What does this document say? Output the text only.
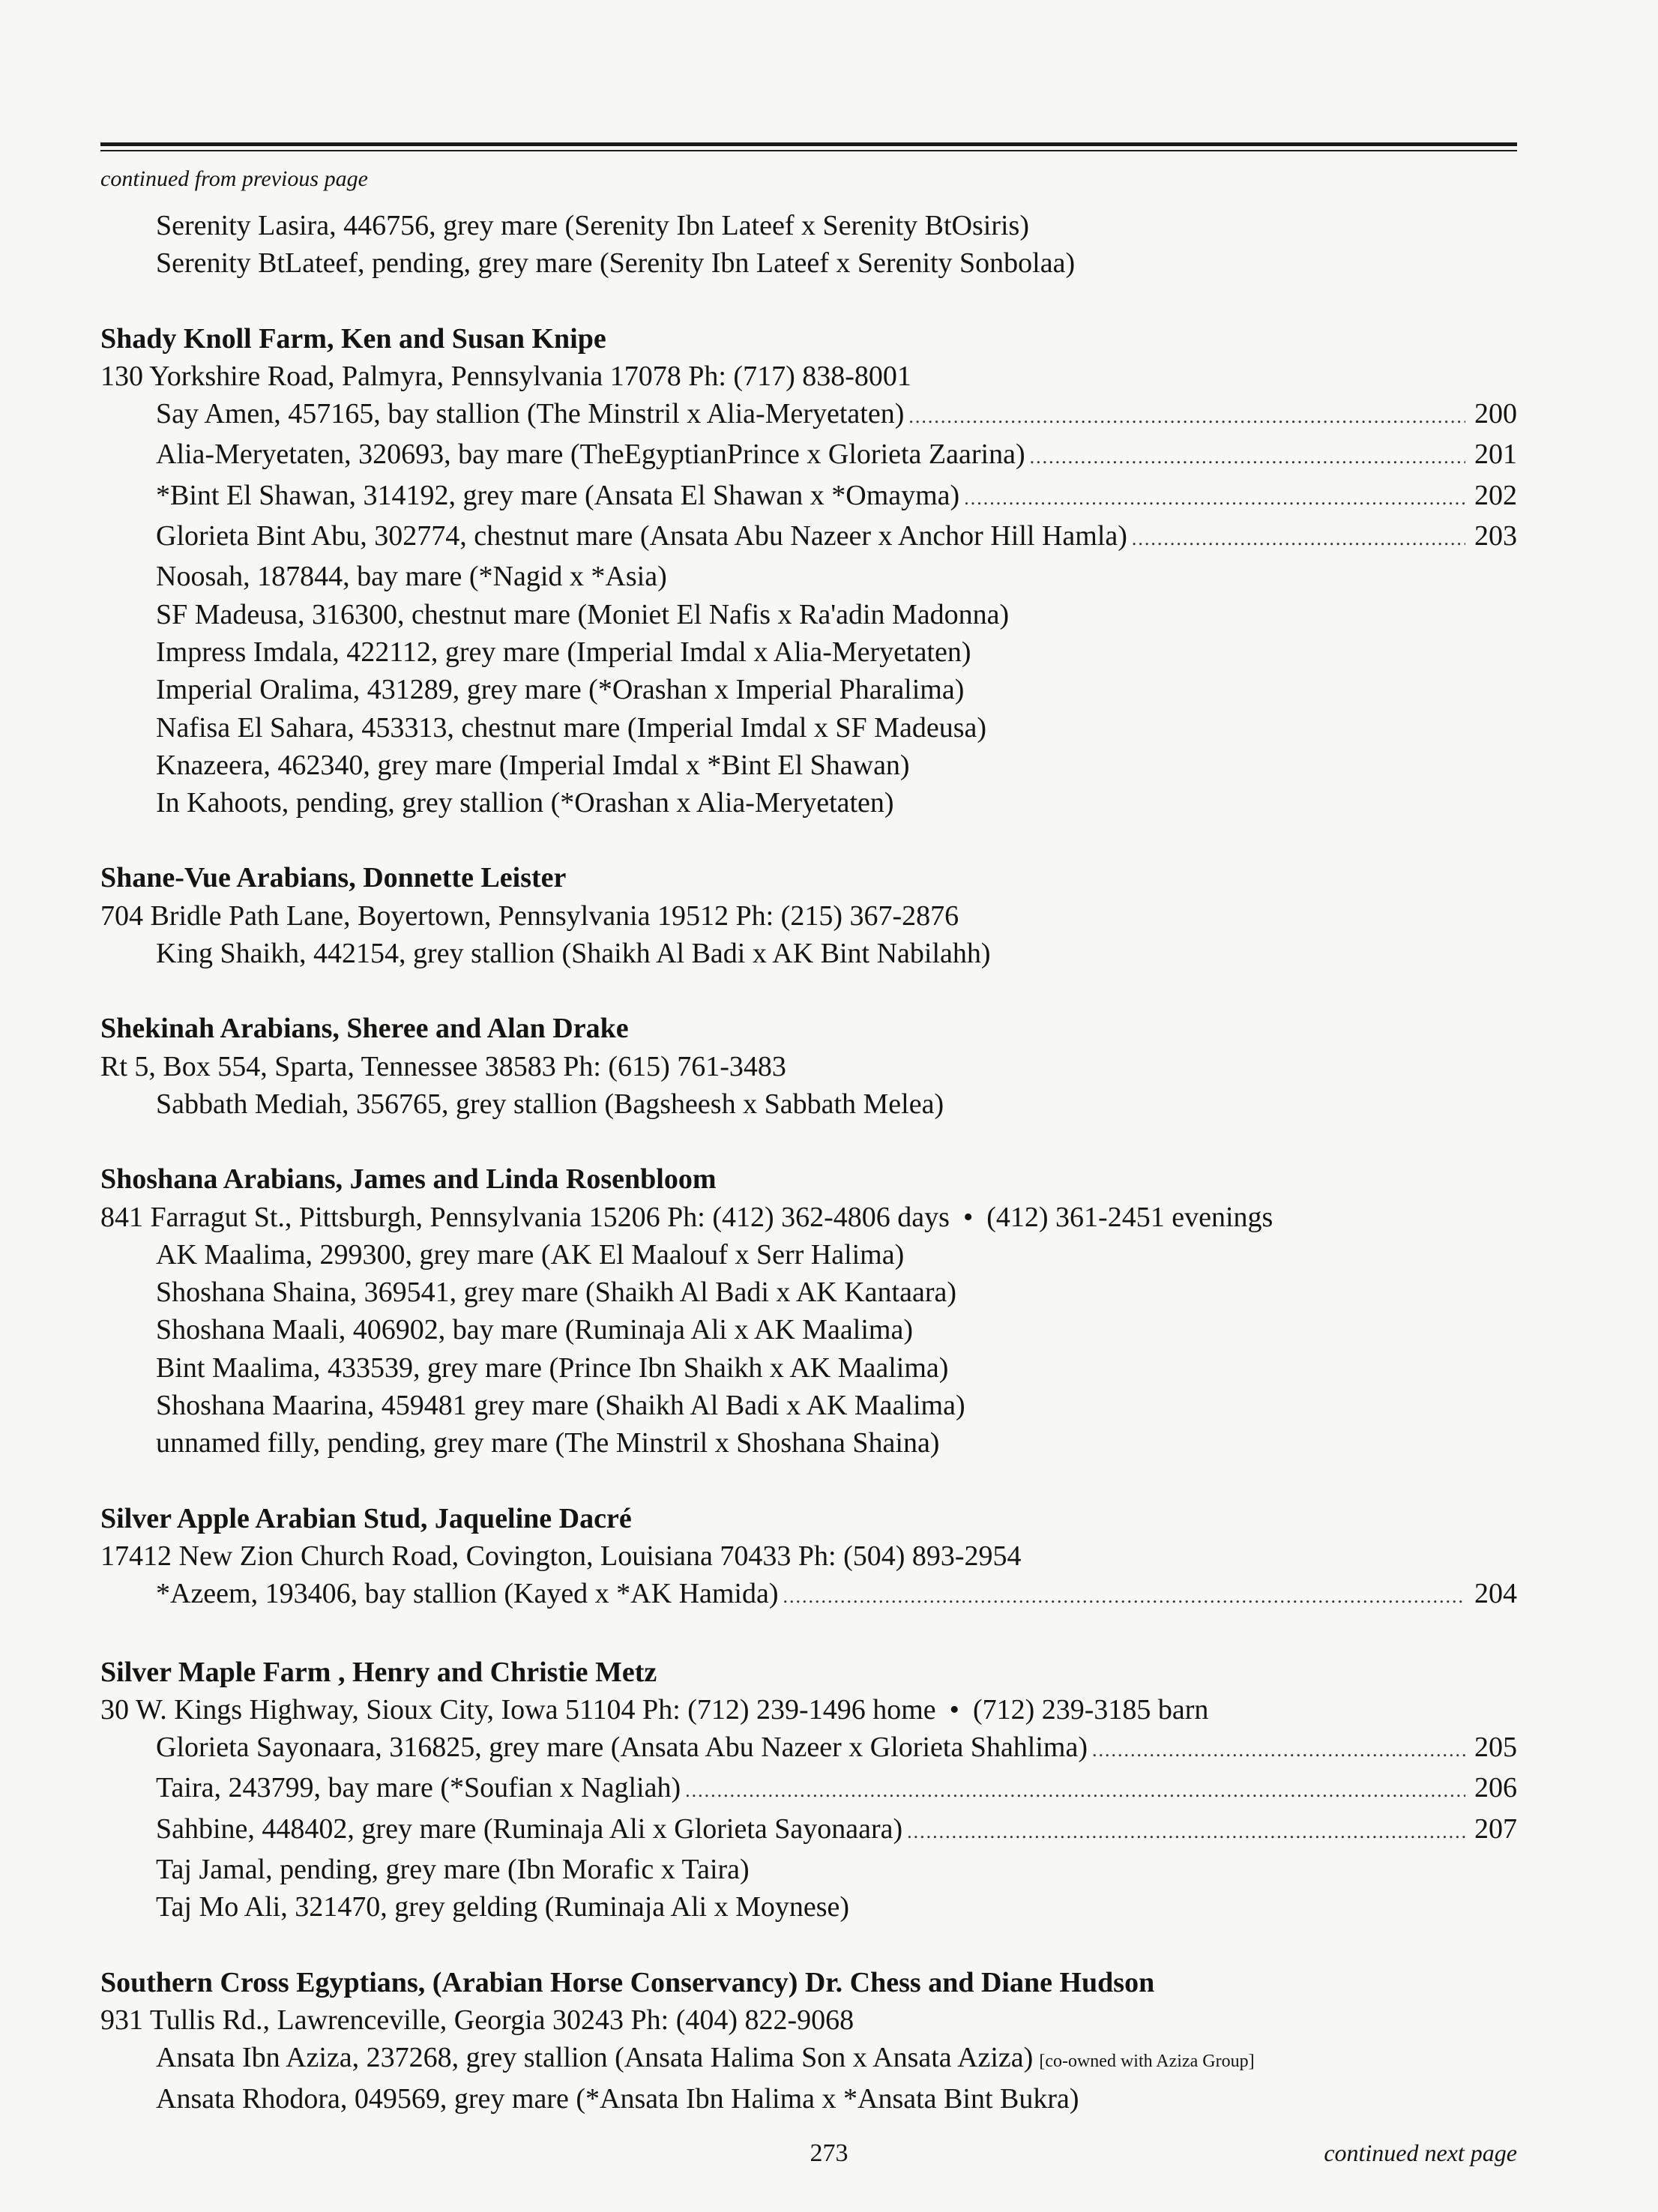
continued from previous page
Serenity Lasira, 446756, grey mare (Serenity Ibn Lateef x Serenity BtOsiris)
Serenity BtLateef, pending, grey mare (Serenity Ibn Lateef x Serenity Sonbolaa)
Shady Knoll Farm, Ken and Susan Knipe
130 Yorkshire Road, Palmyra, Pennsylvania 17078 Ph: (717) 838-8001
Say Amen, 457165, bay stallion (The Minstril x Alia-Meryetaten) .....	200
Alia-Meryetaten, 320693, bay mare (TheEgyptianPrince x Glorieta Zaarina) .....	201
*Bint El Shawan, 314192, grey mare (Ansata El Shawan x *Omayma) .....	202
Glorieta Bint Abu, 302774, chestnut mare (Ansata Abu Nazeer x Anchor Hill Hamla) .....	203
Noosah, 187844, bay mare (*Nagid x *Asia)
SF Madeusa, 316300, chestnut mare (Moniet El Nafis x Ra'adin Madonna)
Impress Imdala, 422112, grey mare (Imperial Imdal x Alia-Meryetaten)
Imperial Oralima, 431289, grey mare (*Orashan x Imperial Pharalima)
Nafisa El Sahara, 453313, chestnut mare (Imperial Imdal x SF Madeusa)
Knazeera, 462340, grey mare (Imperial Imdal x *Bint El Shawan)
In Kahoots, pending, grey stallion (*Orashan x Alia-Meryetaten)
Shane-Vue Arabians, Donnette Leister
704 Bridle Path Lane, Boyertown, Pennsylvania 19512 Ph: (215) 367-2876
King Shaikh, 442154, grey stallion (Shaikh Al Badi x AK Bint Nabilahh)
Shekinah Arabians, Sheree and Alan Drake
Rt 5, Box 554, Sparta, Tennessee 38583 Ph: (615) 761-3483
Sabbath Mediah, 356765, grey stallion (Bagsheesh x Sabbath Melea)
Shoshana Arabians, James and Linda Rosenbloom
841 Farragut St., Pittsburgh, Pennsylvania 15206 Ph: (412) 362-4806 days • (412) 361-2451 evenings
AK Maalima, 299300, grey mare (AK El Maalouf x Serr Halima)
Shoshana Shaina, 369541, grey mare (Shaikh Al Badi x AK Kantaara)
Shoshana Maali, 406902, bay mare (Ruminaja Ali x AK Maalima)
Bint Maalima, 433539, grey mare (Prince Ibn Shaikh x AK Maalima)
Shoshana Maarina, 459481 grey mare (Shaikh Al Badi x AK Maalima)
unnamed filly, pending, grey mare (The Minstril x Shoshana Shaina)
Silver Apple Arabian Stud, Jaqueline Dacré
17412 New Zion Church Road, Covington, Louisiana 70433 Ph: (504) 893-2954
*Azeem, 193406, bay stallion (Kayed x *AK Hamida) .....	204
Silver Maple Farm , Henry and Christie Metz
30 W. Kings Highway, Sioux City, Iowa 51104 Ph: (712) 239-1496 home • (712) 239-3185 barn
Glorieta Sayonaara, 316825, grey mare (Ansata Abu Nazeer x Glorieta Shahlima) .....	205
Taira, 243799, bay mare (*Soufian x Nagliah) .....	206
Sahbine, 448402, grey mare (Ruminaja Ali x Glorieta Sayonaara) .....	207
Taj Jamal, pending, grey mare (Ibn Morafic x Taira)
Taj Mo Ali, 321470, grey gelding (Ruminaja Ali x Moynese)
Southern Cross Egyptians, (Arabian Horse Conservancy) Dr. Chess and Diane Hudson
931 Tullis Rd., Lawrenceville, Georgia 30243 Ph: (404) 822-9068
Ansata Ibn Aziza, 237268, grey stallion (Ansata Halima Son x Ansata Aziza) [co-owned with Aziza Group]
Ansata Rhodora, 049569, grey mare (*Ansata Ibn Halima x *Ansata Bint Bukra)
273	continued next page
